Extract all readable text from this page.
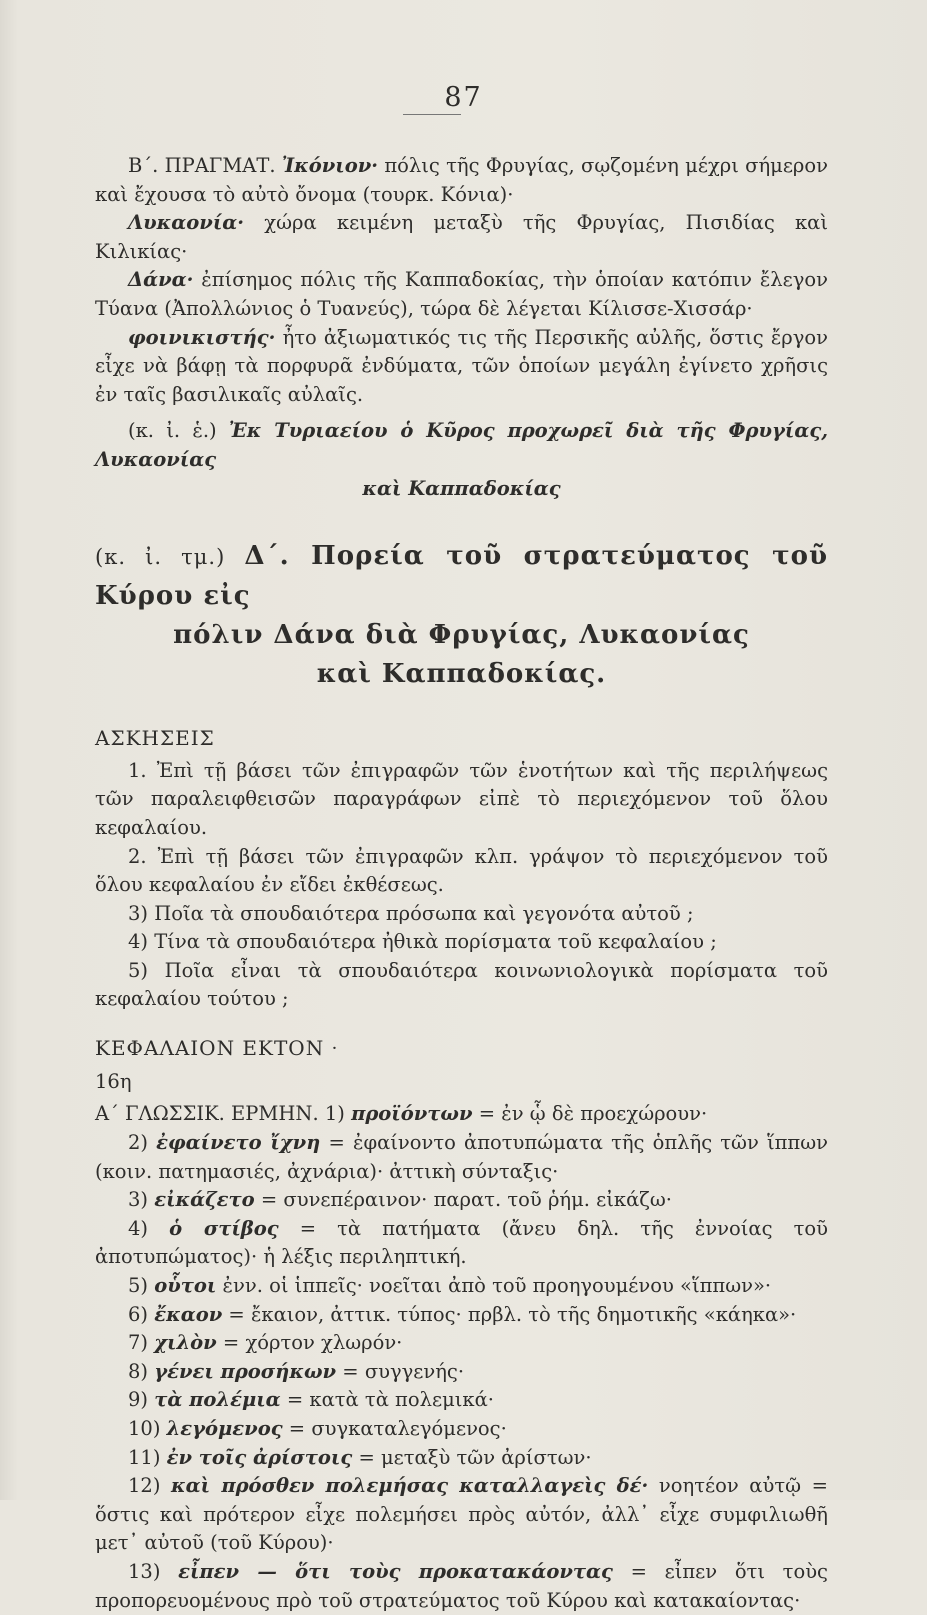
87

Β΄. ΠΡΑΓΜΑΤ. Ἰκόνιον· πόλις τῆς Φρυγίας, σῳζομένη μέχρι σήμερον καὶ ἔχουσα τὸ αὐτὸ ὄνομα (τουρκ. Κόνια)·

Λυκαονία· χώρα κειμένη μεταξὺ τῆς Φρυγίας, Πισιδίας καὶ Κιλικίας·

Δάνα· ἐπίσημος πόλις τῆς Καππαδοκίας, τὴν ὁποίαν κατόπιν ἔλεγον Τύανα (Ἀπολλώνιος ὁ Τυανεύς), τώρα δὲ λέγεται Κίλισσε-Χισσάρ·

φοινικιστής· ἦτο ἀξιωματικός τις τῆς Περσικῆς αὐλῆς, ὅστις ἔργον εἶχε νὰ βάφῃ τὰ πορφυρᾶ ἐνδύματα, τῶν ὁποίων μεγάλη ἐγίνετο χρῆσις ἐν ταῖς βασιλικαῖς αὐλαῖς.

(κ. ἰ. ἑ.) Ἐκ Τυριαείου ὁ Κῦρος προχωρεῖ διὰ τῆς Φρυγίας, Λυκαονίας

καὶ Καππαδοκίας

(κ. ἰ. τμ.) Δ΄. Πορεία τοῦ στρατεύματος τοῦ Κύρου εἰς

πόλιν Δάνα διὰ Φρυγίας, Λυκαονίας

καὶ Καππαδοκίας.

ΑΣΚΗΣΕΙΣ

1. Ἐπὶ τῇ βάσει τῶν ἐπιγραφῶν τῶν ἑνοτήτων καὶ τῆς περιλήψεως τῶν παραλειφθεισῶν παραγράφων εἰπὲ τὸ περιεχόμενον τοῦ ὅλου κεφαλαίου.

2. Ἐπὶ τῇ βάσει τῶν ἐπιγραφῶν κλπ. γράψον τὸ περιεχόμενον τοῦ ὅλου κεφαλαίου ἐν εἴδει ἐκθέσεως.

3) Ποῖα τὰ σπουδαιότερα πρόσωπα καὶ γεγονότα αὐτοῦ ;

4) Τίνα τὰ σπουδαιότερα ἠθικὰ πορίσματα τοῦ κεφαλαίου ;

5) Ποῖα εἶναι τὰ σπουδαιότερα κοινωνιολογικὰ πορίσματα τοῦ κεφαλαίου τούτου ;

ΚΕΦΑΛΑΙΟΝ ΕΚΤΟΝ ·

16η

Α΄ ΓΛΩΣΣΙΚ. ΕΡΜΗΝ. 1) προϊόντων = ἐν ᾧ δὲ προεχώρουν·

2) ἐφαίνετο ἴχνη = ἐφαίνοντο ἀποτυπώματα τῆς ὁπλῆς τῶν ἵππων (κοιν. πατημασιές, ἀχνάρια)· ἀττικὴ σύνταξις·

3) εἰκάζετο = συνεπέραινον· παρατ. τοῦ ῥήμ. εἰκάζω·

4) ὁ στίβος = τὰ πατήματα (ἄνευ δηλ. τῆς ἐννοίας τοῦ ἀποτυπώματος)· ἡ λέξις περιληπτική.

5) οὗτοι ἐνν. οἱ ἱππεῖς· νοεῖται ἀπὸ τοῦ προηγουμένου «ἵππων»·

6) ἔκαον = ἔκαιον, ἀττικ. τύπος· πρβλ. τὸ τῆς δημοτικῆς «κάηκα»·

7) χιλὸν = χόρτον χλωρόν·

8) γένει προσήκων = συγγενής·

9) τὰ πολέμια = κατὰ τὰ πολεμικά·

10) λεγόμενος = συγκαταλεγόμενος·

11) ἐν τοῖς ἀρίστοις = μεταξὺ τῶν ἀρίστων·

12) καὶ πρόσθεν πολεμήσας καταλλαγεὶς δέ· νοητέον αὐτῷ = ὅστις καὶ πρότερον εἶχε πολεμήσει πρὸς αὐτόν, ἀλλ᾽ εἶχε συμφιλιωθῆ μετ᾽ αὐτοῦ (τοῦ Κύρου)·

13) εἶπεν — ὅτι τοὺς προκατακάοντας = εἶπεν ὅτι τοὺς προπορευομένους πρὸ τοῦ στρατεύματος τοῦ Κύρου καὶ κατακαίοντας·
